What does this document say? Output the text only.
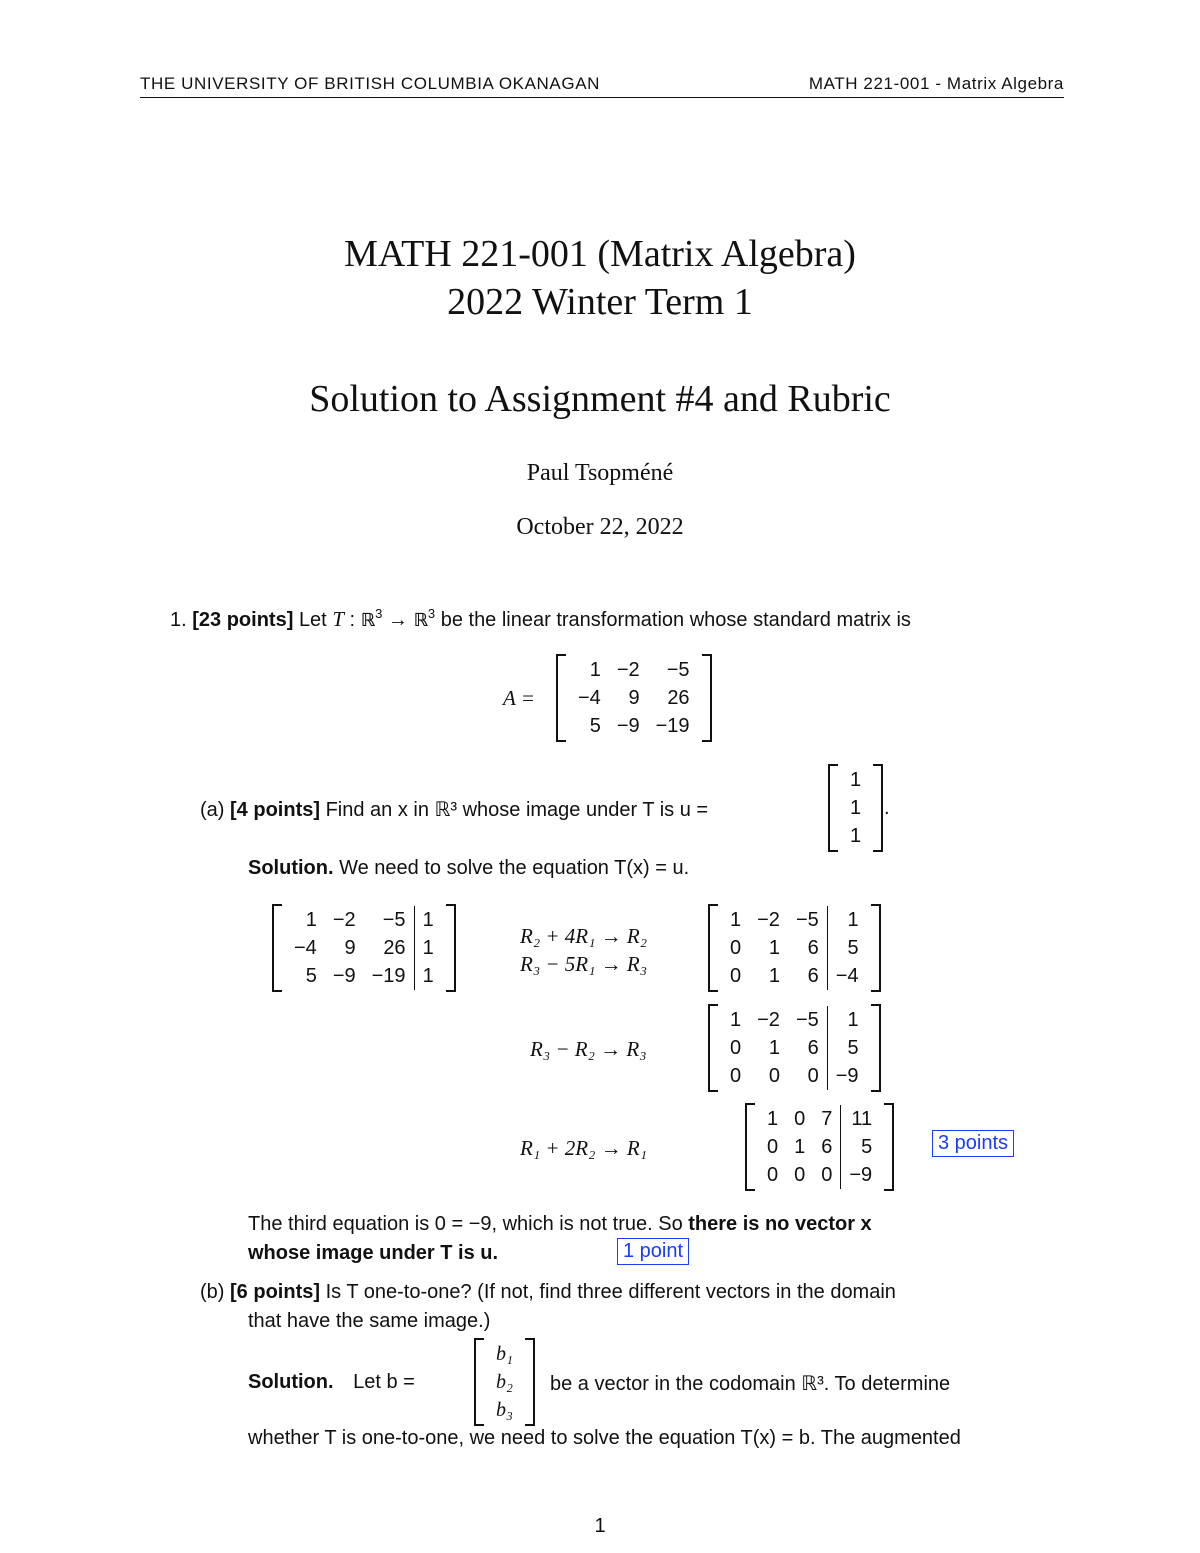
THE UNIVERSITY OF BRITISH COLUMBIA OKANAGAN	MATH 221-001 - Matrix Algebra
MATH 221-001 (Matrix Algebra)
2022 Winter Term 1
Solution to Assignment #4 and Rubric
Paul Tsopméné
October 22, 2022
1. [23 points] Let T : ℝ$^3$ → ℝ$^3$ be the linear transformation whose standard matrix is
A =
1	−2	−5
−4	9	26
5	−9	−19
(a) [4 points] Find an x in ℝ³ whose image under T is u =
1
1
1
.
Solution. We need to solve the equation T(x) = u.
1	−2	−5	1
−4	9	26	1
5	−9	−19	1
R₂ + 4R₁ → R₂
R₃ − 5R₁ → R₃
1	−2	−5	1
0	1	6	5
0	1	6	−4
R₃ − R₂ → R₃
1	−2	−5	1
0	1	6	5
0	0	0	−9
R₁ + 2R₂ → R₁
1	0	7	11
0	1	6	5
0	0	0	−9
3 points
The third equation is 0 = −9, which is not true. So there is no vector x
whose image under T is u.	1 point
(b) [6 points] Is T one-to-one? (If not, find three different vectors in the domain
that have the same image.)
Solution. Let b =
b₁
b₂
b₃
be a vector in the codomain ℝ³. To determine
whether T is one-to-one, we need to solve the equation T(x) = b. The augmented
1
